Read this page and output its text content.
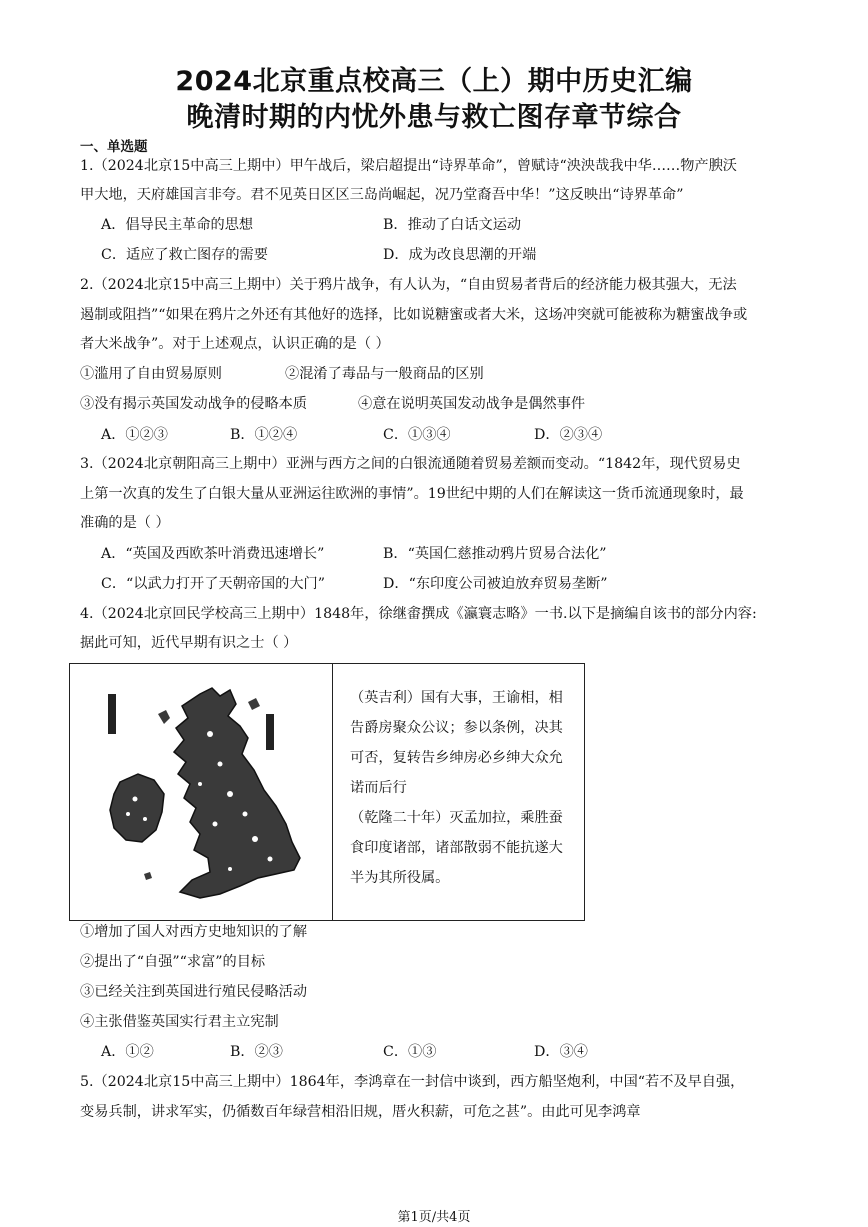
2024北京重点校高三（上）期中历史汇编
晚清时期的内忧外患与救亡图存章节综合
一、单选题
1.（2024北京15中高三上期中）甲午战后，梁启超提出“诗界革命”，曾赋诗“泱泱哉我中华……物产腴沃
甲大地，天府雄国言非夸。君不见英日区区三岛尚崛起，况乃堂裔吾中华！”这反映出“诗界革命”
A．倡导民主革命的思想	B．推动了白话文运动
C．适应了救亡图存的需要	D．成为改良思潮的开端
2.（2024北京15中高三上期中）关于鸦片战争，有人认为，“自由贸易者背后的经济能力极其强大，无法
遏制或阻挡”“如果在鸦片之外还有其他好的选择，比如说糖蜜或者大米，这场冲突就可能被称为糖蜜战争或
者大米战争”。对于上述观点，认识正确的是（ ）
①滥用了自由贸易原则	②混淆了毒品与一般商品的区别
③没有揭示英国发动战争的侵略本质	④意在说明英国发动战争是偶然事件
A．①②③	B．①②④	C．①③④	D．②③④
3.（2024北京朝阳高三上期中）亚洲与西方之间的白银流通随着贸易差额而变动。“1842年，现代贸易史
上第一次真的发生了白银大量从亚洲运往欧洲的事情”。19世纪中期的人们在解读这一货币流通现象时，最
准确的是（ ）
A．“英国及西欧茶叶消费迅速增长”	B．“英国仁慈推动鸦片贸易合法化”
C．“以武力打开了天朝帝国的大门”	D．“东印度公司被迫放弃贸易垄断”
4.（2024北京回民学校高三上期中）1848年，徐继畬撰成《瀛寰志略》一书.以下是摘编自该书的部分内容:
据此可知，近代早期有识之士（ ）
（英吉利）国有大事，王谕相，相
告爵房聚众公议；参以条例，决其
可否，复转告乡绅房必乡绅大众允
诺而后行
（乾隆二十年）灭孟加拉，乘胜蚕
食印度诸部，诸部散弱不能抗遂大
半为其所役属。
①增加了国人对西方史地知识的了解
②提出了“自强”“求富”的目标
③已经关注到英国进行殖民侵略活动
④主张借鉴英国实行君主立宪制
A．①②	B．②③	C．①③	D．③④
5.（2024北京15中高三上期中）1864年，李鸿章在一封信中谈到，西方船坚炮利，中国“若不及早自强，
变易兵制，讲求军实，仍循数百年绿营相沿旧规，厝火积薪，可危之甚”。由此可见李鸿章
第1页/共4页
